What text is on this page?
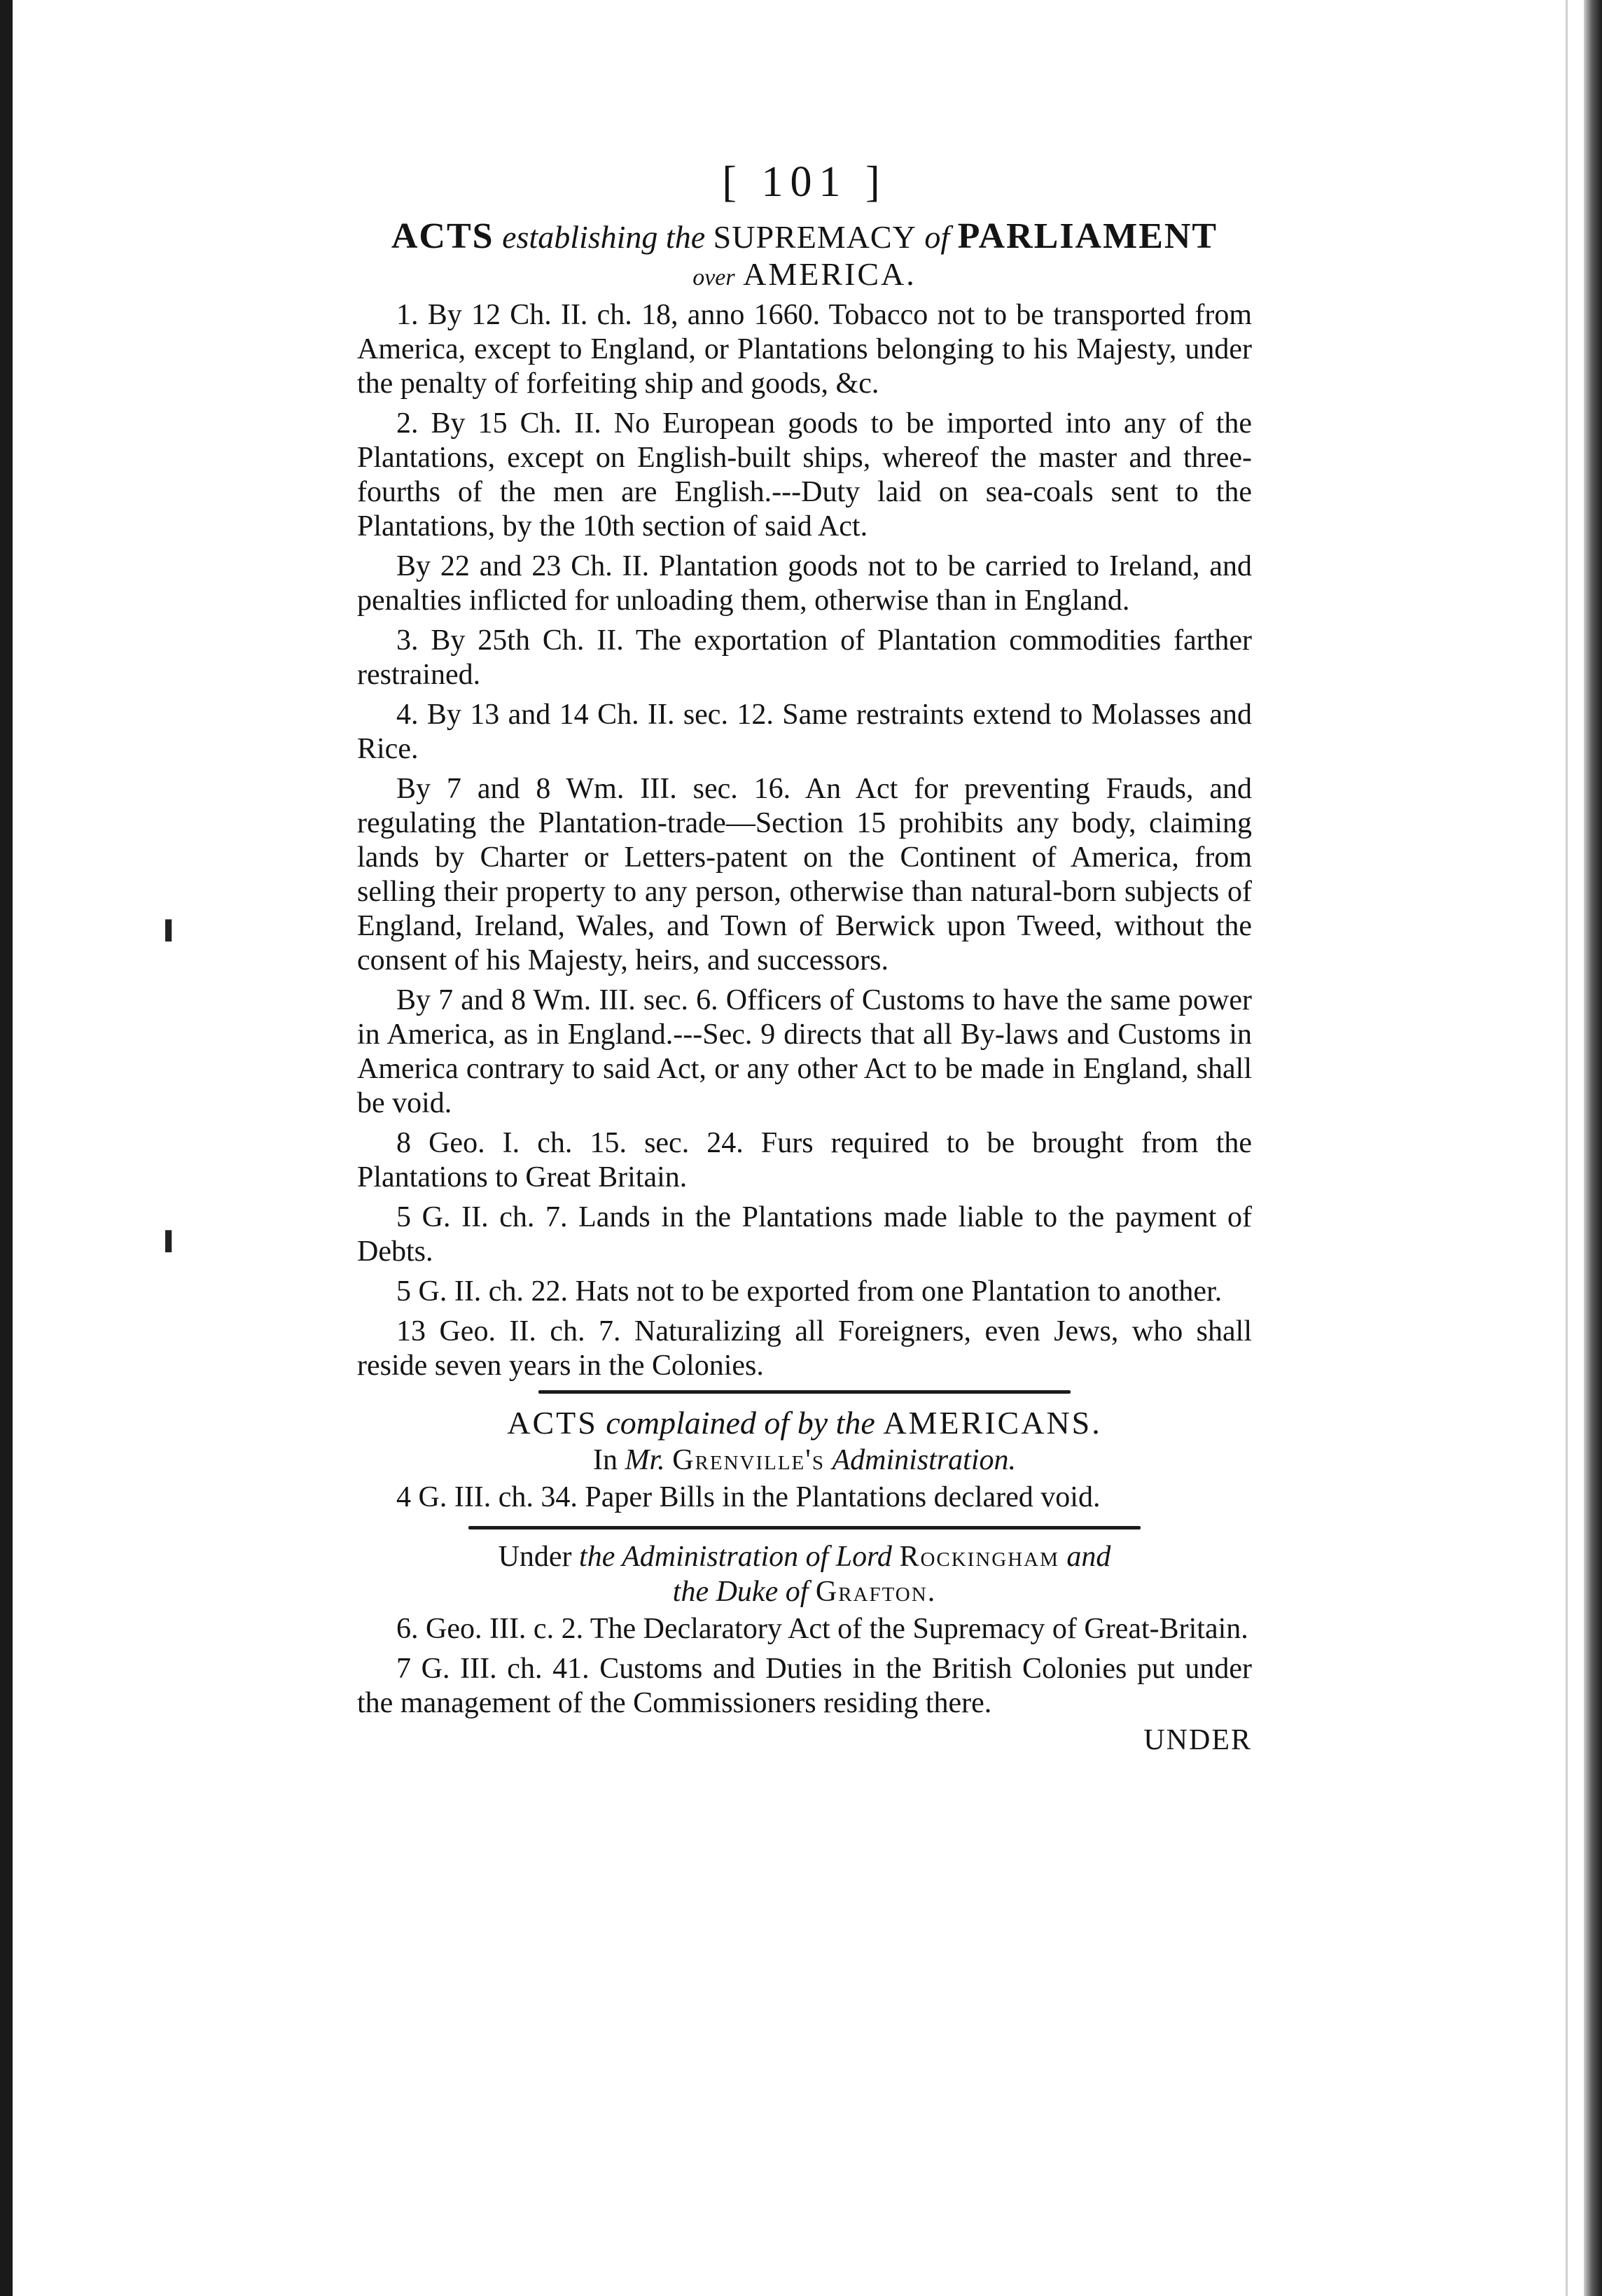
▌
▌
[ 101 ]
ACTS establishing the SUPREMACY of PARLIAMENT
over AMERICA.

1. By 12 Ch. II. ch. 18, anno 1660. Tobacco not to be transported from America, except to England, or Plantations belonging to his Majesty, under the penalty of forfeiting ship and goods, &c.

2. By 15 Ch. II. No European goods to be imported into any of the Plantations, except on English-built ships, whereof the master and three-fourths of the men are English.---Duty laid on sea-coals sent to the Plantations, by the 10th section of said Act.

By 22 and 23 Ch. II. Plantation goods not to be carried to Ireland, and penalties inflicted for unloading them, otherwise than in England.

3. By 25th Ch. II. The exportation of Plantation commodities farther restrained.

4. By 13 and 14 Ch. II. sec. 12. Same restraints extend to Molasses and Rice.

By 7 and 8 Wm. III. sec. 16. An Act for preventing Frauds, and regulating the Plantation-trade—Section 15 prohibits any body, claiming lands by Charter or Letters-patent on the Continent of America, from selling their property to any person, otherwise than natural-born subjects of England, Ireland, Wales, and Town of Berwick upon Tweed, without the consent of his Majesty, heirs, and successors.

By 7 and 8 Wm. III. sec. 6. Officers of Customs to have the same power in America, as in England.---Sec. 9 directs that all By-laws and Customs in America contrary to said Act, or any other Act to be made in England, shall be void.

8 Geo. I. ch. 15. sec. 24. Furs required to be brought from the Plantations to Great Britain.

5 G. II. ch. 7. Lands in the Plantations made liable to the payment of Debts.

5 G. II. ch. 22. Hats not to be exported from one Plantation to another.

13 Geo. II. ch. 7. Naturalizing all Foreigners, even Jews, who shall reside seven years in the Colonies.

ACTS complained of by the AMERICANS.
In Mr. Grenville's Administration.

4 G. III. ch. 34. Paper Bills in the Plantations declared void.

Under the Administration of Lord Rockingham and
the Duke of Grafton.

6. Geo. III. c. 2. The Declaratory Act of the Supremacy of Great-Britain.

7 G. III. ch. 41. Customs and Duties in the British Colonies put under the management of the Commissioners residing there.

UNDER
